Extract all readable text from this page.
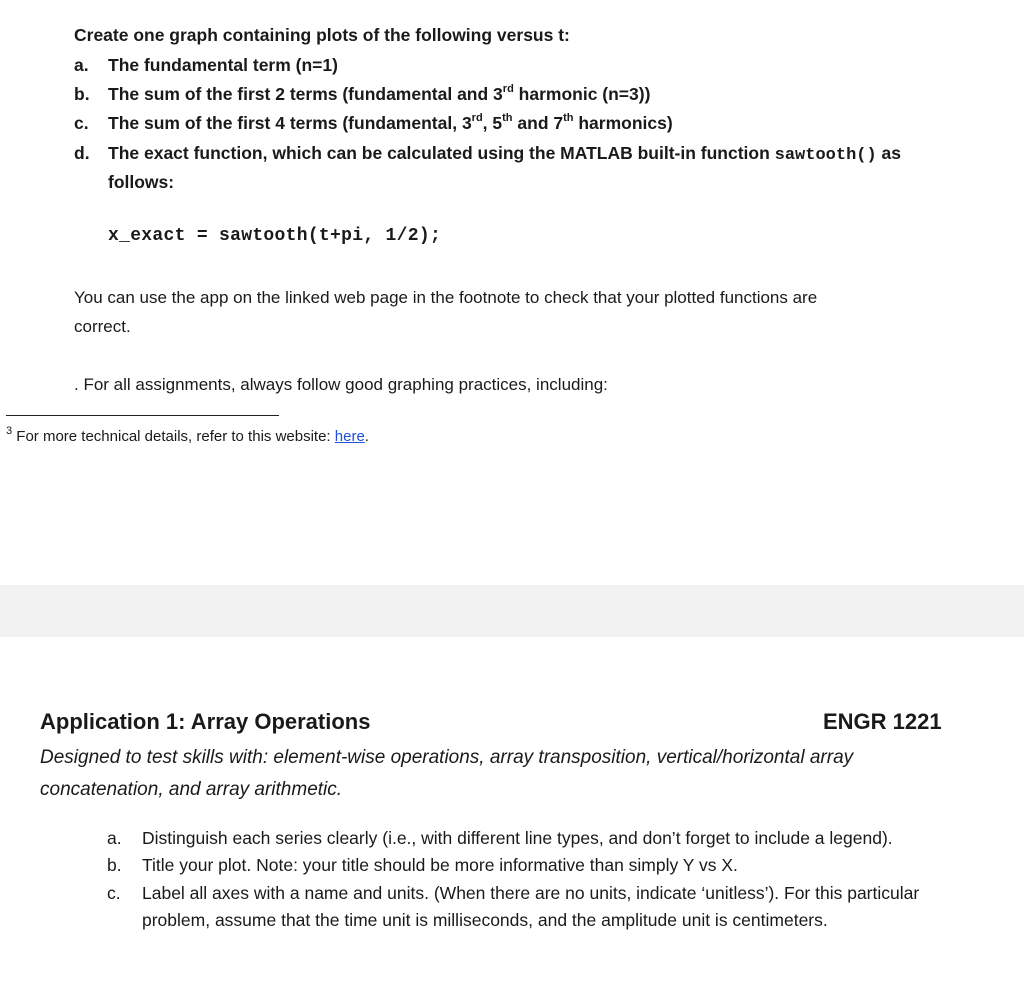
Create one graph containing plots of the following versus t:
a. The fundamental term (n=1)
b. The sum of the first 2 terms (fundamental and 3rd harmonic (n=3))
c. The sum of the first 4 terms (fundamental, 3rd, 5th and 7th harmonics)
d. The exact function, which can be calculated using the MATLAB built-in function sawtooth() as
follows:
x_exact = sawtooth(t+pi, 1/2);
You can use the app on the linked web page in the footnote to check that your plotted functions are
correct.
. For all assignments, always follow good graphing practices, including:
$^3$ For more technical details, refer to this website: here.
Application 1: Array Operations	ENGR 1221
Designed to test skills with: element-wise operations, array transposition, vertical/horizontal array concatenation, and array arithmetic.
a.	Distinguish each series clearly (i.e., with different line types, and don’t forget to include a legend).
b.	Title your plot. Note: your title should be more informative than simply Y vs X.
c.	Label all axes with a name and units. (When there are no units, indicate ‘unitless’). For this particular problem, assume that the time unit is milliseconds, and the amplitude unit is centimeters.
